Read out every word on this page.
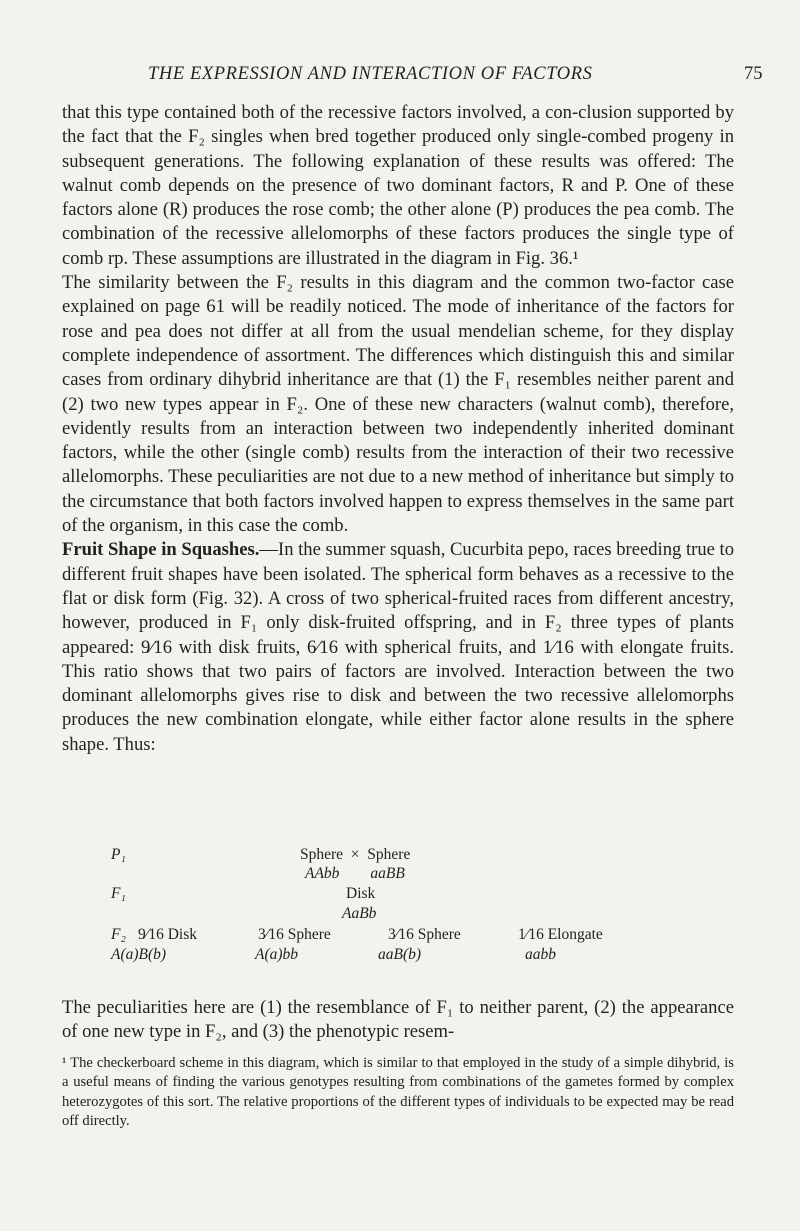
THE EXPRESSION AND INTERACTION OF FACTORS	75

that this type contained both of the recessive factors involved, a con-clusion supported by the fact that the F₂ singles when bred together produced only single-combed progeny in subsequent generations. The following explanation of these results was offered: The walnut comb depends on the presence of two dominant factors, R and P. One of these factors alone (R) produces the rose comb; the other alone (P) produces the pea comb. The combination of the recessive allelomorphs of these factors produces the single type of comb rp. These assumptions are illustrated in the diagram in Fig. 36.¹

The similarity between the F₂ results in this diagram and the common two-factor case explained on page 61 will be readily noticed. The mode of inheritance of the factors for rose and pea does not differ at all from the usual mendelian scheme, for they display complete independence of assortment. The differences which distinguish this and similar cases from ordinary dihybrid inheritance are that (1) the F₁ resembles neither parent and (2) two new types appear in F₂. One of these new characters (walnut comb), therefore, evidently results from an interaction between two independently inherited dominant factors, while the other (single comb) results from the interaction of their two recessive allelomorphs. These peculiarities are not due to a new method of inheritance but simply to the circumstance that both factors involved happen to express themselves in the same part of the organism, in this case the comb.

Fruit Shape in Squashes.—In the summer squash, Cucurbita pepo, races breeding true to different fruit shapes have been isolated. The spherical form behaves as a recessive to the flat or disk form (Fig. 32). A cross of two spherical-fruited races from different ancestry, however, produced in F₁ only disk-fruited offspring, and in F₂ three types of plants appeared: 9⁄16 with disk fruits, 6⁄16 with spherical fruits, and 1⁄16 with elongate fruits. This ratio shows that two pairs of factors are involved. Interaction between the two dominant allelomorphs gives rise to disk and between the two recessive allelomorphs produces the new combination elongate, while either factor alone results in the sphere shape. Thus:

P₁	Sphere  ×  Sphere
AAbb        aaBB
F₁	Disk
AaBb
F₂ 9⁄16 Disk	3⁄16 Sphere	3⁄16 Sphere	1⁄16 Elongate
A(a)B(b)	A(a)bb	aaB(b)	aabb
The peculiarities here are (1) the resemblance of F₁ to neither parent, (2) the appearance of one new type in F₂, and (3) the phenotypic resem-
¹ The checkerboard scheme in this diagram, which is similar to that employed in the study of a simple dihybrid, is a useful means of finding the various genotypes resulting from combinations of the gametes formed by complex heterozygotes of this sort. The relative proportions of the different types of individuals to be expected may be read off directly.
